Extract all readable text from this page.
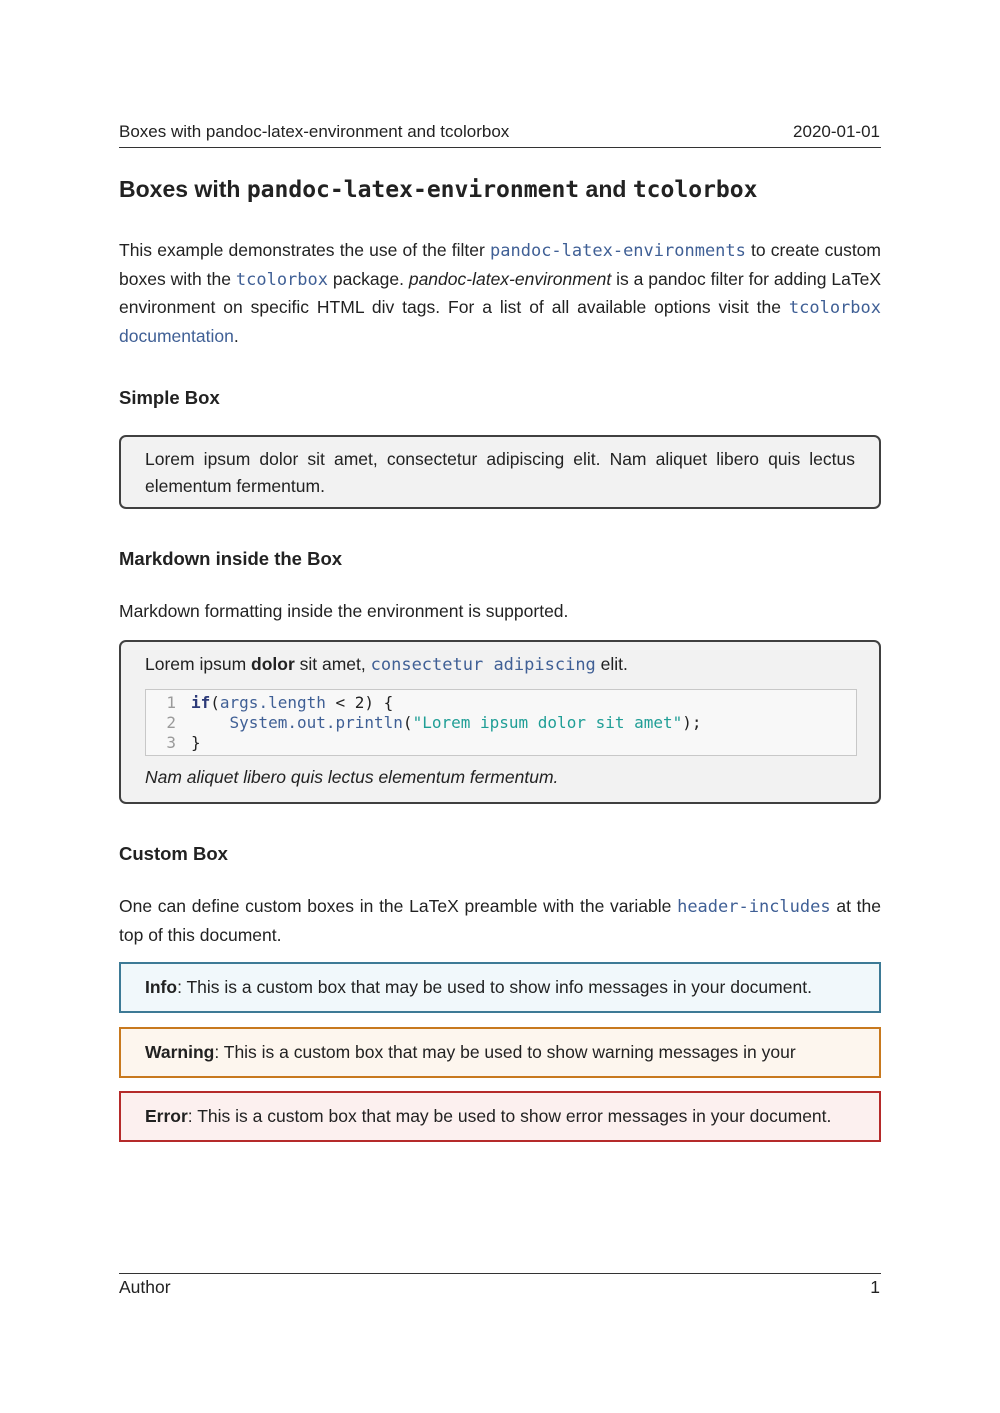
Boxes with pandoc-latex-environment and tcolorbox	2020-01-01
Boxes with pandoc-latex-environment and tcolorbox
This example demonstrates the use of the filter pandoc-latex-environments to create custom boxes with the tcolorbox package. pandoc-latex-environment is a pandoc filter for adding LaTeX environment on specific HTML div tags. For a list of all available options visit the tcolorbox documentation.
Simple Box
Lorem ipsum dolor sit amet, consectetur adipiscing elit. Nam aliquet libero quis lectus elementum fermentum.
Markdown inside the Box
Markdown formatting inside the environment is supported.
Lorem ipsum dolor sit amet, consectetur adipiscing elit.
1 if(args.length < 2) {
2	System.out.println("Lorem ipsum dolor sit amet");
3 }
Nam aliquet libero quis lectus elementum fermentum.
Custom Box
One can define custom boxes in the LaTeX preamble with the variable header-includes at the top of this document.
Info: This is a custom box that may be used to show info messages in your document.
Warning: This is a custom box that may be used to show warning messages in your
Error: This is a custom box that may be used to show error messages in your document.
Author	1
